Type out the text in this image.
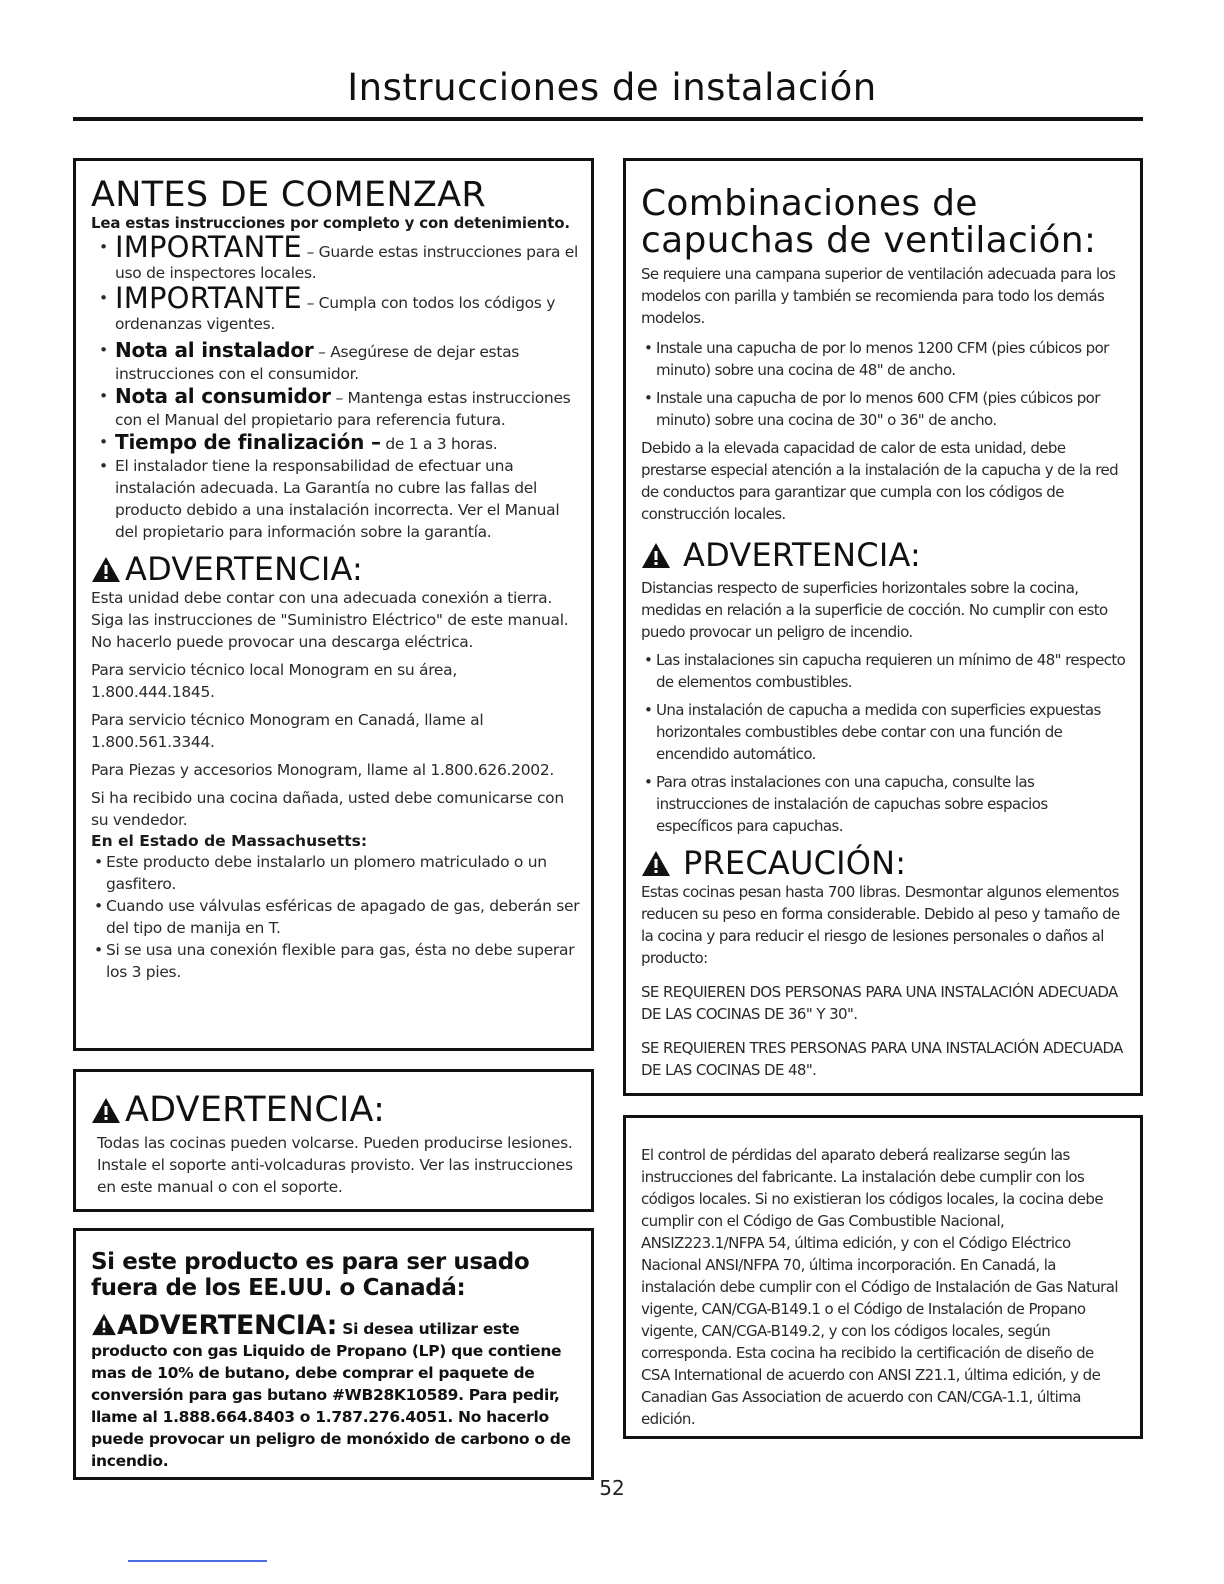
Instrucciones de instalación
ANTES DE COMENZAR
Lea estas instrucciones por completo y con detenimiento.

• IMPORTANTE – Guarde estas instrucciones para el uso de inspectores locales.

• IMPORTANTE – Cumpla con todos los códigos y ordenanzas vigentes.

• Nota al instalador – Asegúrese de dejar estas instrucciones con el consumidor.

• Nota al consumidor – Mantenga estas instrucciones con el Manual del propietario para referencia futura.

• Tiempo de finalización – de 1 a 3 horas.

• El instalador tiene la responsabilidad de efectuar una instalación adecuada. La Garantía no cubre las fallas del producto debido a una instalación incorrecta. Ver el Manual del propietario para información sobre la garantía.

ADVERTENCIA:

Esta unidad debe contar con una adecuada conexión a tierra. Siga las instrucciones de "Suministro Eléctrico" de este manual. No hacerlo puede provocar una descarga eléctrica.

Para servicio técnico local Monogram en su área, 1.800.444.1845.

Para servicio técnico Monogram en Canadá, llame al 1.800.561.3344.

Para Piezas y accesorios Monogram, llame al 1.800.626.2002.

Si ha recibido una cocina dañada, usted debe comunicarse con su vendedor.

En el Estado de Massachusetts:

• Este producto debe instalarlo un plomero matriculado o un gasfitero.

• Cuando use válvulas esféricas de apagado de gas, deberán ser del tipo de manija en T.

• Si se usa una conexión flexible para gas, ésta no debe superar los 3 pies.

ADVERTENCIA:

Todas las cocinas pueden volcarse. Pueden producirse lesiones. Instale el soporte anti-volcaduras provisto. Ver las instrucciones en este manual o con el soporte.

Si este producto es para ser usado fuera de los EE.UU. o Canadá:

ADVERTENCIA: Si desea utilizar este producto con gas Liquido de Propano (LP) que contiene mas de 10% de butano, debe comprar el paquete de conversión para gas butano #WB28K10589. Para pedir, llame al 1.888.664.8403 o 1.787.276.4051. No hacerlo puede provocar un peligro de monóxido de carbono o de incendio.

Combinaciones de capuchas de ventilación:

Se requiere una campana superior de ventilación adecuada para los modelos con parilla y también se recomienda para todo los demás modelos.

• Instale una capucha de por lo menos 1200 CFM (pies cúbicos por minuto) sobre una cocina de 48" de ancho.

• Instale una capucha de por lo menos 600 CFM (pies cúbicos por minuto) sobre una cocina de 30" o 36" de ancho.

Debido a la elevada capacidad de calor de esta unidad, debe prestarse especial atención a la instalación de la capucha y de la red de conductos para garantizar que cumpla con los códigos de construcción locales.

ADVERTENCIA:

Distancias respecto de superficies horizontales sobre la cocina, medidas en relación a la superficie de cocción. No cumplir con esto puedo provocar un peligro de incendio.

• Las instalaciones sin capucha requieren un mínimo de 48" respecto de elementos combustibles.

• Una instalación de capucha a medida con superficies expuestas horizontales combustibles debe contar con una función de encendido automático.

• Para otras instalaciones con una capucha, consulte las instrucciones de instalación de capuchas sobre espacios específicos para capuchas.

PRECAUCIÓN:

Estas cocinas pesan hasta 700 libras. Desmontar algunos elementos reducen su peso en forma considerable. Debido al peso y tamaño de la cocina y para reducir el riesgo de lesiones personales o daños al producto:

SE REQUIEREN DOS PERSONAS PARA UNA INSTALACIÓN ADECUADA DE LAS COCINAS DE 36" Y 30".

SE REQUIEREN TRES PERSONAS PARA UNA INSTALACIÓN ADECUADA DE LAS COCINAS DE 48".

El control de pérdidas del aparato deberá realizarse según las instrucciones del fabricante. La instalación debe cumplir con los códigos locales. Si no existieran los códigos locales, la cocina debe cumplir con el Código de Gas Combustible Nacional, ANSIZ223.1/NFPA 54, última edición, y con el Código Eléctrico Nacional ANSI/NFPA 70, última incorporación. En Canadá, la instalación debe cumplir con el Código de Instalación de Gas Natural vigente, CAN/CGA-B149.1 o el Código de Instalación de Propano vigente, CAN/CGA-B149.2, y con los códigos locales, según corresponda. Esta cocina ha recibido la certificación de diseño de CSA International de acuerdo con ANSI Z21.1, última edición, y de Canadian Gas Association de acuerdo con CAN/CGA-1.1, última edición.

52
